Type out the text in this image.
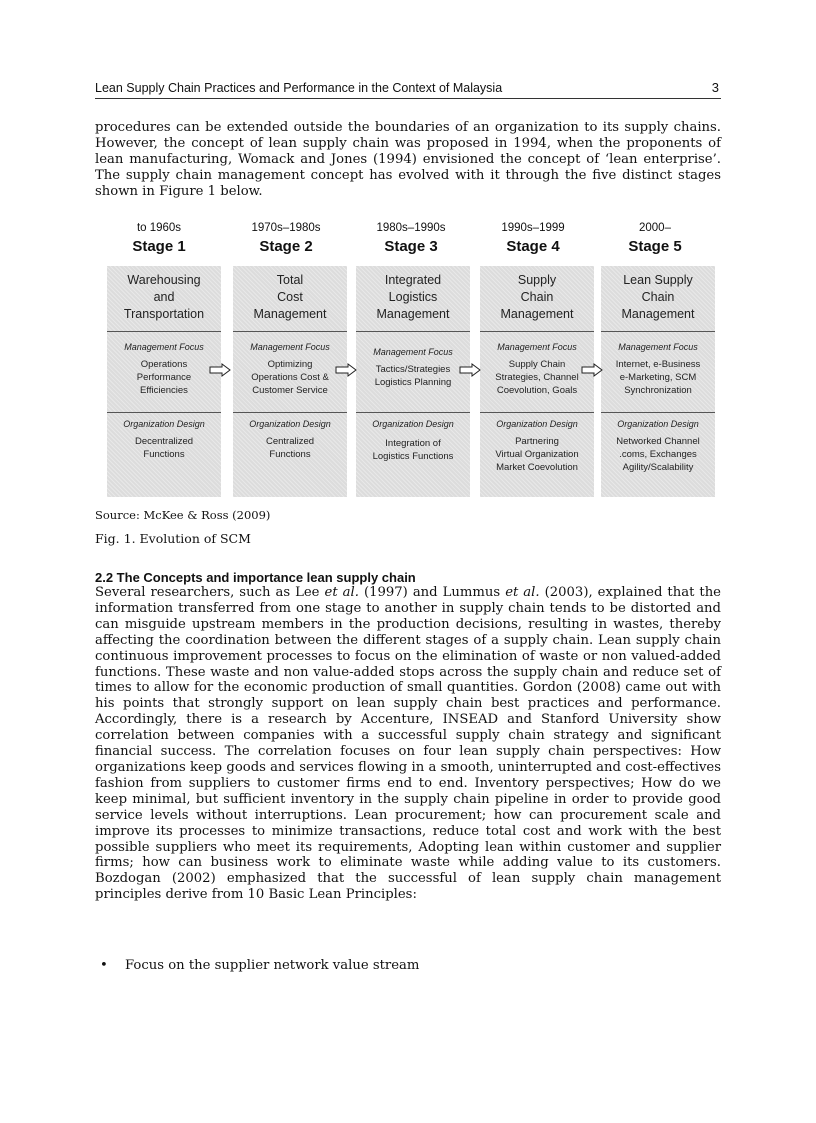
Lean Supply Chain Practices and Performance in the Context of Malaysia	3
procedures can be extended outside the boundaries of an organization to its supply chains. However, the concept of lean supply chain was proposed in 1994, when the proponents of lean manufacturing, Womack and Jones (1994) envisioned the concept of ‘lean enterprise’. The supply chain management concept has evolved with it through the five distinct stages shown in Figure 1 below.
to 1960s
Stage 1
1970s–1980s
Stage 2
1980s–1990s
Stage 3
1990s–1999
Stage 4
2000–
Stage 5
Warehousing
and
Transportation
Management Focus
Operations
Performance
Efficiencies
Organization Design
Decentralized
Functions
Total
Cost
Management
Management Focus
Optimizing
Operations Cost &
Customer Service
Organization Design
Centralized
Functions
Integrated
Logistics
Management
Management Focus
Tactics/Strategies
Logistics Planning
Organization Design
Integration of
Logistics Functions
Supply
Chain
Management
Management Focus
Supply Chain
Strategies, Channel
Coevolution, Goals
Organization Design
Partnering
Virtual Organization
Market Coevolution
Lean Supply
Chain
Management
Management Focus
Internet, e-Business
e-Marketing, SCM
Synchronization
Organization Design
Networked Channel
.coms, Exchanges
Agility/Scalability
Source: McKee & Ross (2009)
Fig. 1. Evolution of SCM
2.2 The Concepts and importance lean supply chain
Several researchers, such as Lee et al. (1997) and Lummus et al. (2003), explained that the information transferred from one stage to another in supply chain tends to be distorted and can misguide upstream members in the production decisions, resulting in wastes, thereby affecting the coordination between the different stages of a supply chain. Lean supply chain continuous improvement processes to focus on the elimination of waste or non valued-added functions. These waste and non value-added stops across the supply chain and reduce set of times to allow for the economic production of small quantities. Gordon (2008) came out with his points that strongly support on lean supply chain best practices and performance. Accordingly, there is a research by Accenture, INSEAD and Stanford University show correlation between companies with a successful supply chain strategy and significant financial success. The correlation focuses on four lean supply chain perspectives: How organizations keep goods and services flowing in a smooth, uninterrupted and cost-effectives fashion from suppliers to customer firms end to end. Inventory perspectives; How do we keep minimal, but sufficient inventory in the supply chain pipeline in order to provide good service levels without interruptions. Lean procurement; how can procurement scale and improve its processes to minimize transactions, reduce total cost and work with the best possible suppliers who meet its requirements, Adopting lean within customer and supplier firms; how can business work to eliminate waste while adding value to its customers. Bozdogan (2002) emphasized that the successful of lean supply chain management principles derive from 10 Basic Lean Principles:
• Focus on the supplier network value stream
